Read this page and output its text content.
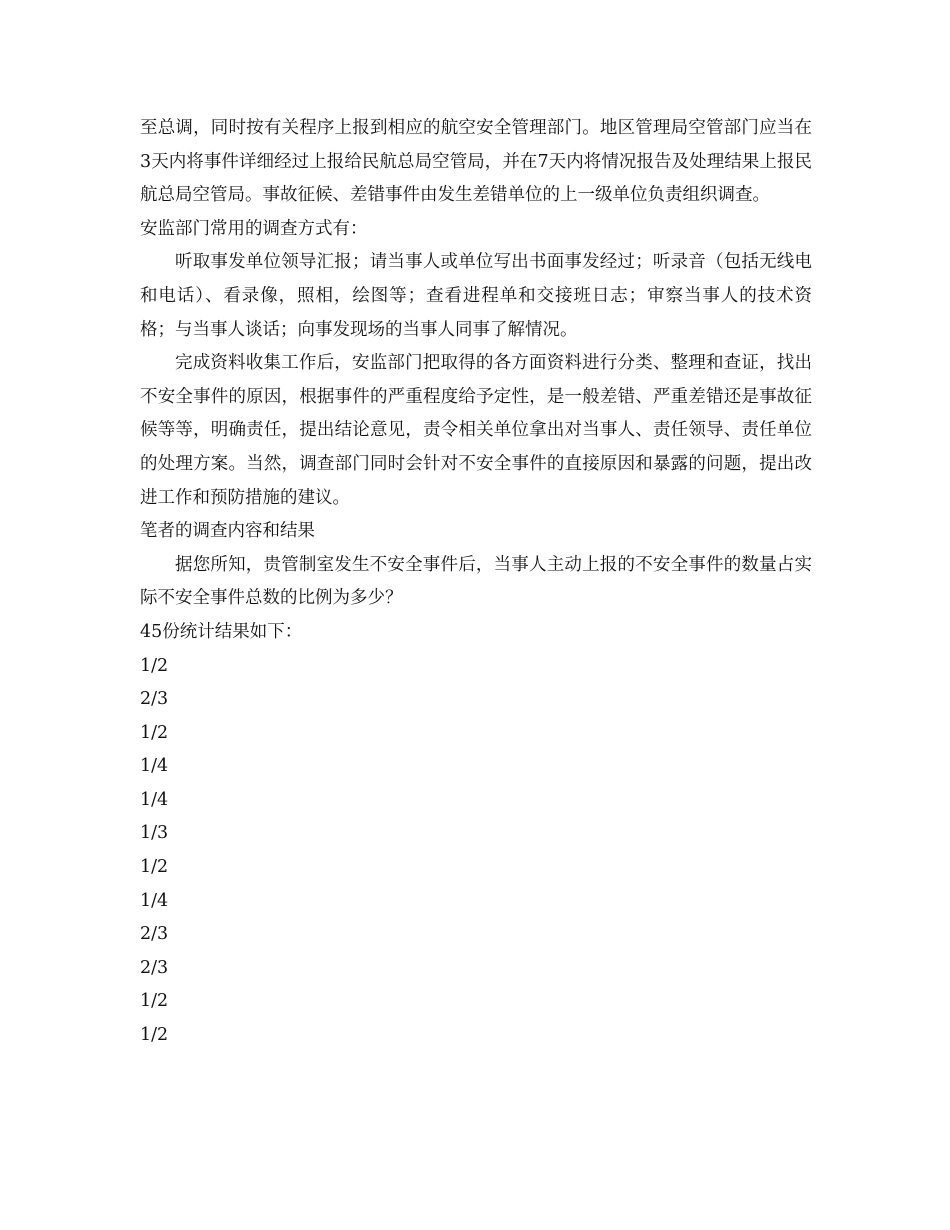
至总调，同时按有关程序上报到相应的航空安全管理部门。地区管理局空管部门应当在3天内将事件详细经过上报给民航总局空管局，并在7天内将情况报告及处理结果上报民航总局空管局。事故征候、差错事件由发生差错单位的上一级单位负责组织调查。

安监部门常用的调查方式有：

听取事发单位领导汇报；请当事人或单位写出书面事发经过；听录音（包括无线电和电话）、看录像，照相，绘图等；查看进程单和交接班日志；审察当事人的技术资格；与当事人谈话；向事发现场的当事人同事了解情况。

完成资料收集工作后，安监部门把取得的各方面资料进行分类、整理和查证，找出不安全事件的原因，根据事件的严重程度给予定性，是一般差错、严重差错还是事故征候等等，明确责任，提出结论意见，责令相关单位拿出对当事人、责任领导、责任单位的处理方案。当然，调查部门同时会针对不安全事件的直接原因和暴露的问题，提出改进工作和预防措施的建议。

笔者的调查内容和结果

据您所知，贵管制室发生不安全事件后，当事人主动上报的不安全事件的数量占实际不安全事件总数的比例为多少？

45份统计结果如下：

1/2
2/3
1/2
1/4
1/4
1/3
1/2
1/4
2/3
2/3
1/2
1/2
